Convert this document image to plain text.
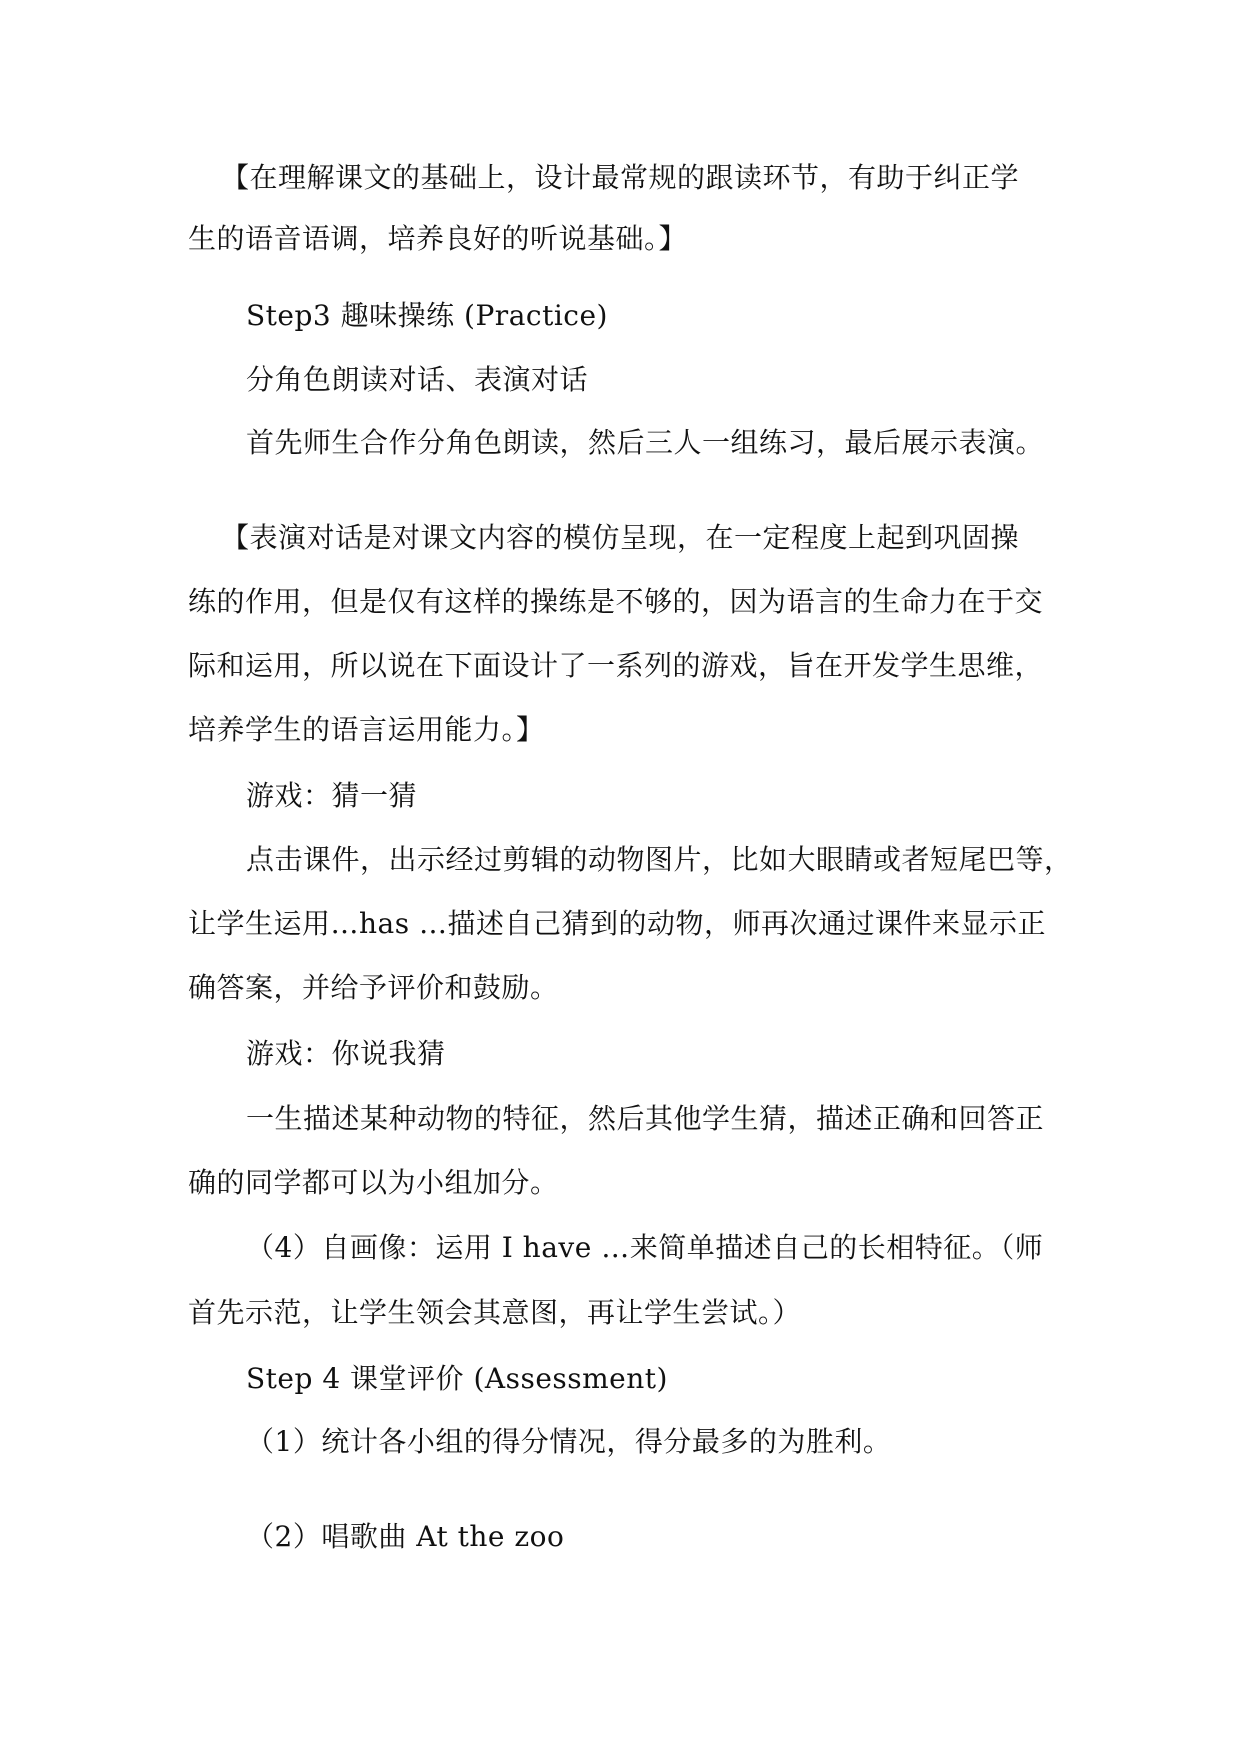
【在理解课文的基础上，设计最常规的跟读环节，有助于纠正学
生的语音语调，培养良好的听说基础。】
Step3 趣味操练 (Practice)
分角色朗读对话、表演对话
首先师生合作分角色朗读，然后三人一组练习，最后展示表演。
【表演对话是对课文内容的模仿呈现，在一定程度上起到巩固操
练的作用，但是仅有这样的操练是不够的，因为语言的生命力在于交
际和运用，所以说在下面设计了一系列的游戏，旨在开发学生思维，
培养学生的语言运用能力。】
游戏：猜一猜
点击课件，出示经过剪辑的动物图片，比如大眼睛或者短尾巴等，
让学生运用…has …描述自己猜到的动物，师再次通过课件来显示正
确答案，并给予评价和鼓励。
游戏：你说我猜
一生描述某种动物的特征，然后其他学生猜，描述正确和回答正
确的同学都可以为小组加分。
（4）自画像：运用 I have …来简单描述自己的长相特征。（师
首先示范，让学生领会其意图，再让学生尝试。）
Step 4 课堂评价 (Assessment)
（1）统计各小组的得分情况，得分最多的为胜利。
（2）唱歌曲 At the zoo
